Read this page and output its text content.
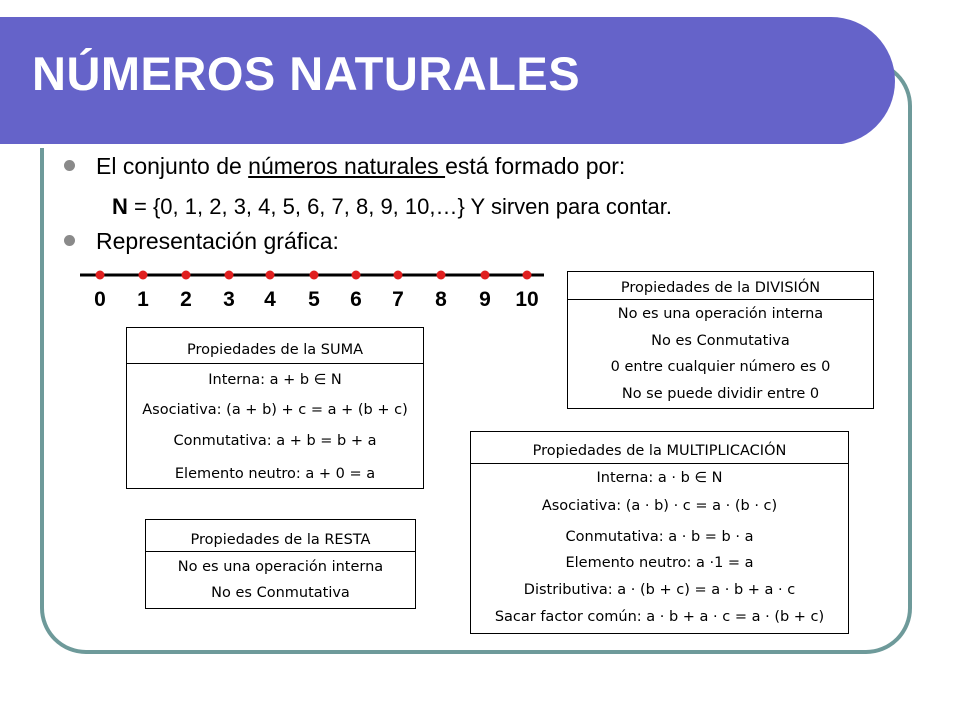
NÚMEROS NATURALES
El conjunto de números naturales está formado por:
N = {0, 1, 2, 3, 4, 5, 6, 7, 8, 9, 10,…} Y sirven para contar.
Representación gráfica:
0 1 2 3 4 5 6 7 8 9 10
Propiedades de la SUMA
Interna: a + b ∈ N
Asociativa: (a + b) + c = a + (b + c)
Conmutativa: a + b = b + a
Elemento neutro: a + 0 = a
Propiedades de la RESTA
No es una operación interna
No es Conmutativa
Propiedades de la DIVISIÓN
No es una operación interna
No es Conmutativa
0 entre cualquier número es 0
No se puede dividir entre 0
Propiedades de la MULTIPLICACIÓN
Interna: a · b ∈ N
Asociativa: (a · b) · c = a · (b · c)
Conmutativa: a · b = b · a
Elemento neutro: a ·1 = a
Distributiva: a · (b + c) = a · b + a · c
Sacar factor común: a · b + a · c = a · (b + c)
